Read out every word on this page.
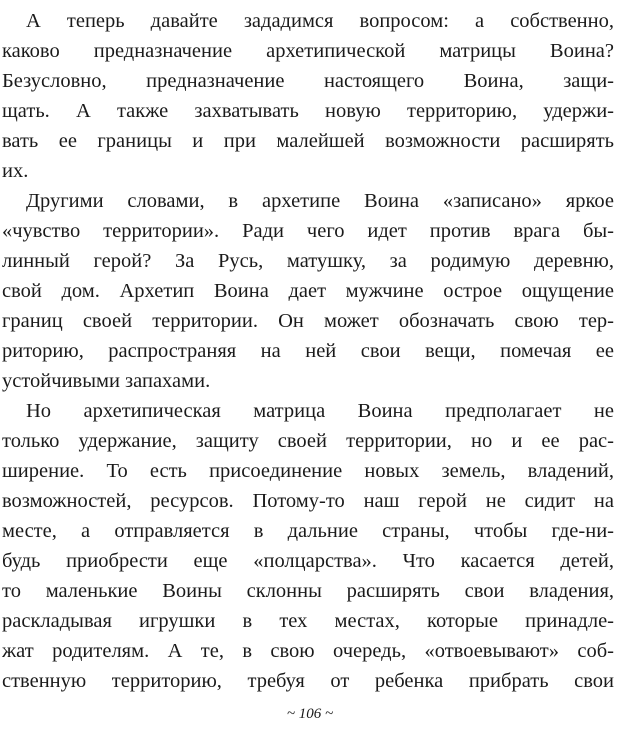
А теперь давайте зададимся вопросом: а собственно,
каково предназначение архетипической матрицы Воина?
Безусловно, предназначение настоящего Воина, защи-
щать. А также захватывать новую территорию, удержи-
вать ее границы и при малейшей возможности расширять
их.
Другими словами, в архетипе Воина «записано» яркое
«чувство территории». Ради чего идет против врага бы-
линный герой? За Русь, матушку, за родимую деревню,
свой дом. Архетип Воина дает мужчине острое ощущение
границ своей территории. Он может обозначать свою тер-
риторию, распространяя на ней свои вещи, помечая ее
устойчивыми запахами.
Но архетипическая матрица Воина предполагает не
только удержание, защиту своей территории, но и ее рас-
ширение. То есть присоединение новых земель, владений,
возможностей, ресурсов. Потому-то наш герой не сидит на
месте, а отправляется в дальние страны, чтобы где-ни-
будь приобрести еще «полцарства». Что касается детей,
то маленькие Воины склонны расширять свои владения,
раскладывая игрушки в тех местах, которые принадле-
жат родителям. А те, в свою очередь, «отвоевывают» соб-
ственную территорию, требуя от ребенка прибрать свои
~ 106 ~
